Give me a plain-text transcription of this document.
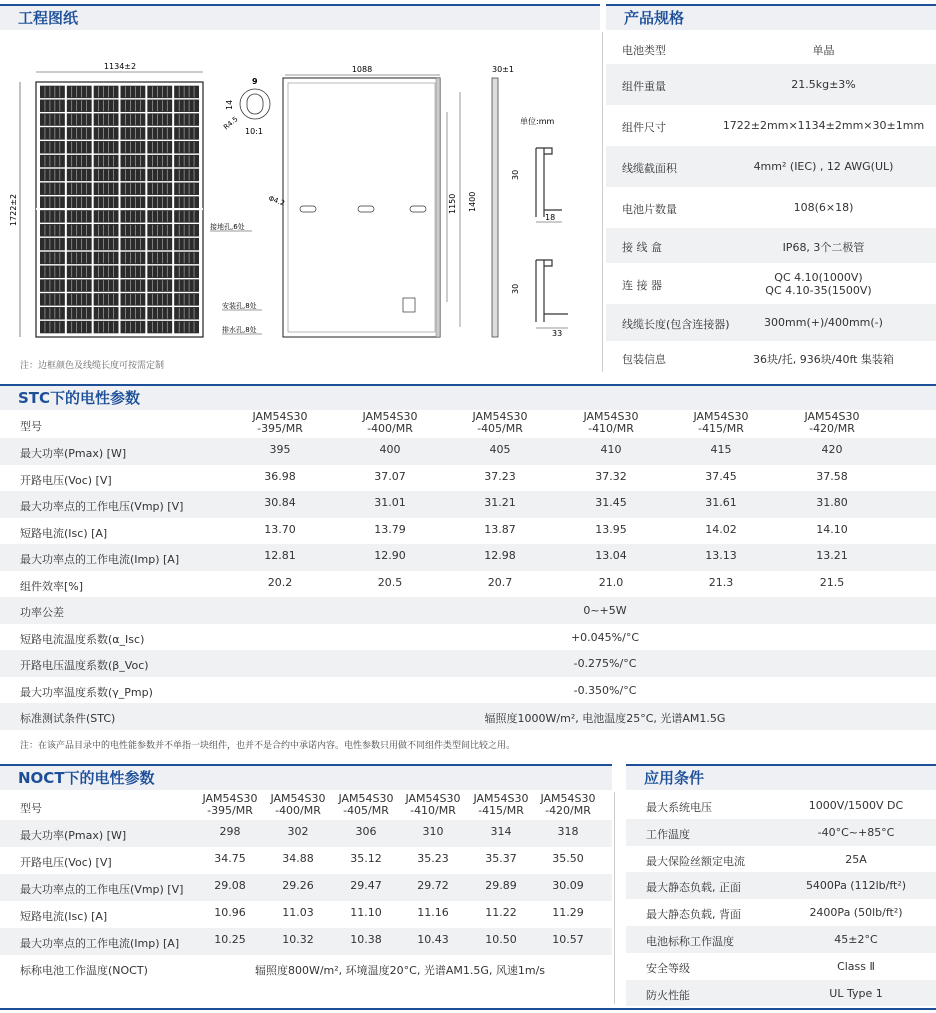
工程图纸
1134±2
1722±2
9
14
R4.5 10:1
1088
1150 1400
Φ4.2
接地孔,6处
安装孔,8处
排水孔,8处
30±1
单位:mm
30
18
30
33
注：边框颜色及线缆长度可按需定制
产品规格
电池类型	单晶
组件重量	21.5kg±3%
组件尺寸	1722±2mm×1134±2mm×30±1mm
线缆截面积	4mm² (IEC) , 12 AWG(UL)
电池片数量	108(6×18)
接 线 盒	IP68, 3个二极管
连 接 器
QC 4.10(1000V)
QC 4.10-35(1500V)
线缆长度(包含连接器)	300mm(+)/400mm(-)
包装信息	36块/托, 936块/40ft 集装箱
STC下的电性参数
型号
JAM54S30
-395/MR
JAM54S30
-400/MR
JAM54S30
-405/MR
JAM54S30
-410/MR
JAM54S30
-415/MR
JAM54S30
-420/MR
最大功率(Pmax) [W]	395	400	405	410	415	420
开路电压(Voc) [V]	36.98	37.07	37.23	37.32	37.45	37.58
最大功率点的工作电压(Vmp) [V]	30.84	31.01	31.21	31.45	31.61	31.80
短路电流(Isc) [A]	13.70	13.79	13.87	13.95	14.02	14.10
最大功率点的工作电流(Imp) [A]	12.81	12.90	12.98	13.04	13.13	13.21
组件效率[%]	20.2	20.5	20.7	21.0	21.3	21.5
功率公差	0~+5W
短路电流温度系数(α_Isc)	+0.045%/°C
开路电压温度系数(β_Voc)	-0.275%/°C
最大功率温度系数(γ_Pmp)	-0.350%/°C
标准测试条件(STC)	辐照度1000W/m², 电池温度25°C, 光谱AM1.5G
注：在该产品目录中的电性能参数并不单指一块组件，也并不是合约中承诺内容。电性参数只用做不同组件类型间比较之用。
NOCT下的电性参数
型号
JAM54S30
-395/MR
JAM54S30
-400/MR
JAM54S30
-405/MR
JAM54S30
-410/MR
JAM54S30
-415/MR
JAM54S30
-420/MR
最大功率(Pmax) [W]	298	302	306	310	314	318
开路电压(Voc) [V]	34.75	34.88	35.12	35.23	35.37	35.50
最大功率点的工作电压(Vmp) [V]	29.08	29.26	29.47	29.72	29.89	30.09
短路电流(Isc) [A]	10.96	11.03	11.10	11.16	11.22	11.29
最大功率点的工作电流(Imp) [A]	10.25	10.32	10.38	10.43	10.50	10.57
标称电池工作温度(NOCT)	辐照度800W/m², 环境温度20°C, 光谱AM1.5G, 风速1m/s
应用条件
最大系统电压	1000V/1500V DC
工作温度	-40°C~+85°C
最大保险丝额定电流	25A
最大静态负载, 正面	5400Pa (112lb/ft²)
最大静态负载, 背面	2400Pa (50lb/ft²)
电池标称工作温度	45±2°C
安全等级	Class Ⅱ
防火性能	UL Type 1
